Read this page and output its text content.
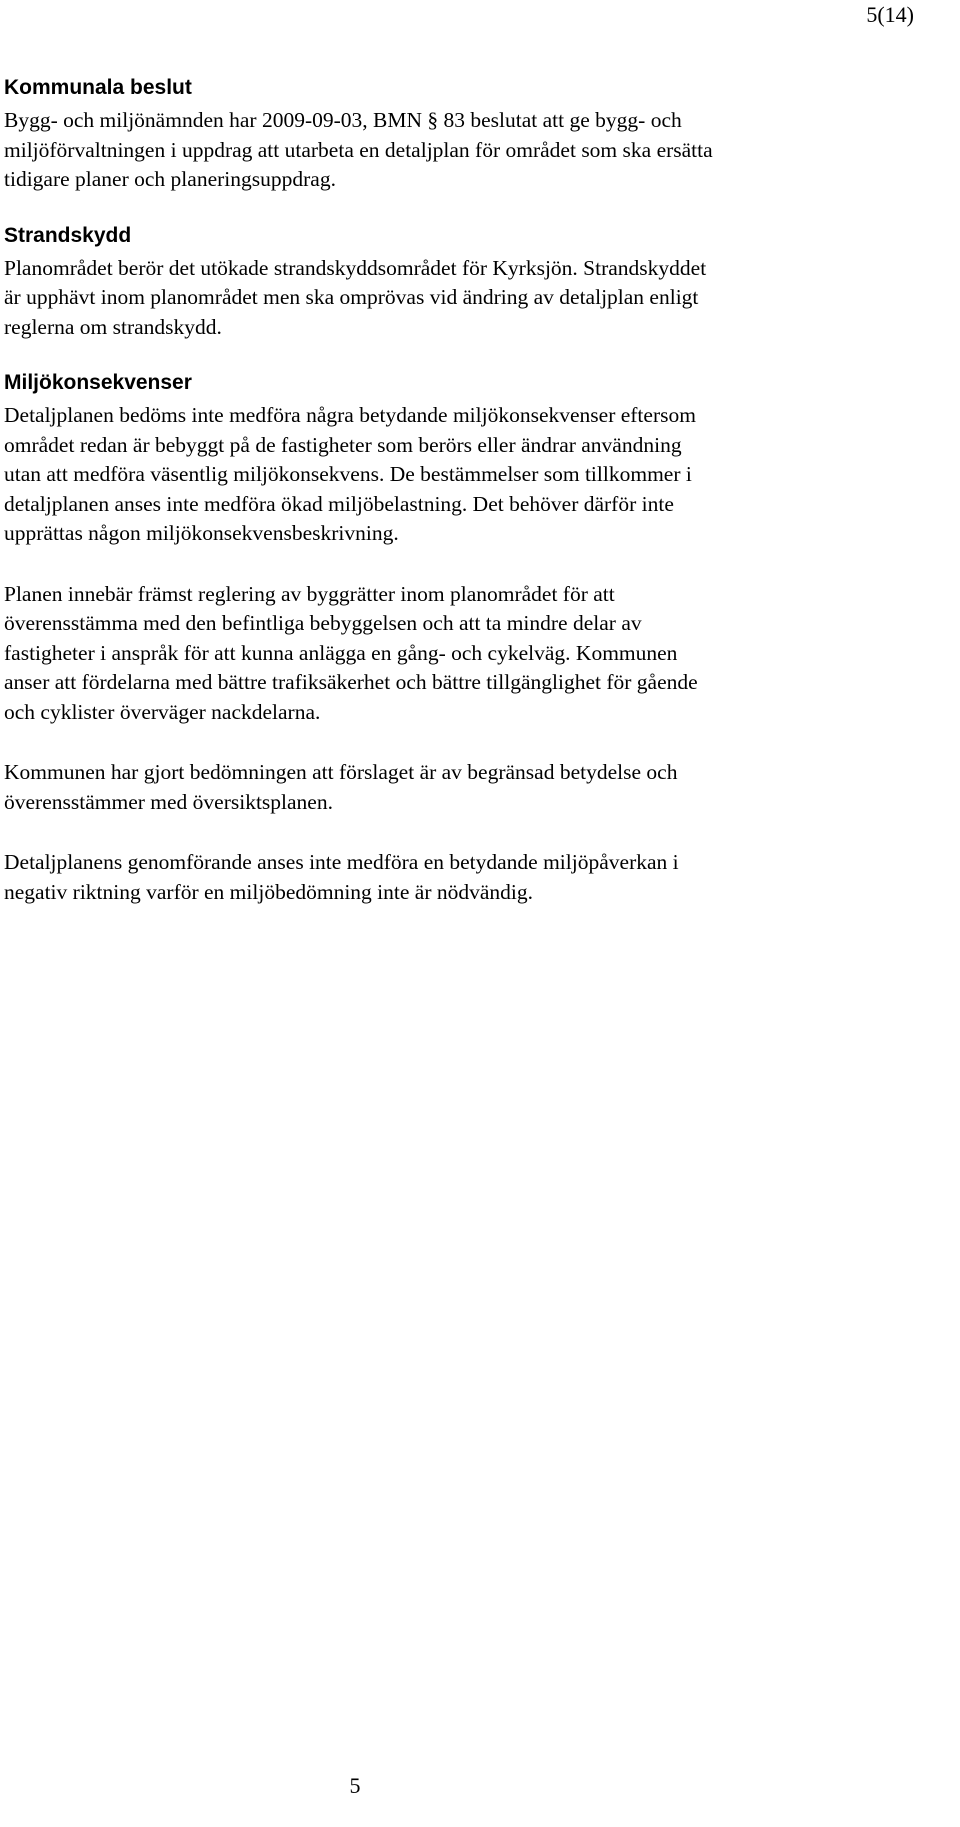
5(14)
Kommunala beslut

Bygg- och miljönämnden har 2009-09-03, BMN § 83 beslutat att ge bygg- och
miljöförvaltningen i uppdrag att utarbeta en detaljplan för området som ska ersätta
tidigare planer och planeringsuppdrag.

Strandskydd

Planområdet berör det utökade strandskyddsområdet för Kyrksjön. Strandskyddet
är upphävt inom planområdet men ska omprövas vid ändring av detaljplan enligt
reglerna om strandskydd.

Miljökonsekvenser

Detaljplanen bedöms inte medföra några betydande miljökonsekvenser eftersom
området redan är bebyggt på de fastigheter som berörs eller ändrar användning
utan att medföra väsentlig miljökonsekvens. De bestämmelser som tillkommer i
detaljplanen anses inte medföra ökad miljöbelastning. Det behöver därför inte
upprättas någon miljökonsekvensbeskrivning.

Planen innebär främst reglering av byggrätter inom planområdet för att
överensstämma med den befintliga bebyggelsen och att ta mindre delar av
fastigheter i anspråk för att kunna anlägga en gång- och cykelväg. Kommunen
anser att fördelarna med bättre trafiksäkerhet och bättre tillgänglighet för gående
och cyklister överväger nackdelarna.

Kommunen har gjort bedömningen att förslaget är av begränsad betydelse och
överensstämmer med översiktsplanen.

Detaljplanens genomförande anses inte medföra en betydande miljöpåverkan i
negativ riktning varför en miljöbedömning inte är nödvändig.

5
